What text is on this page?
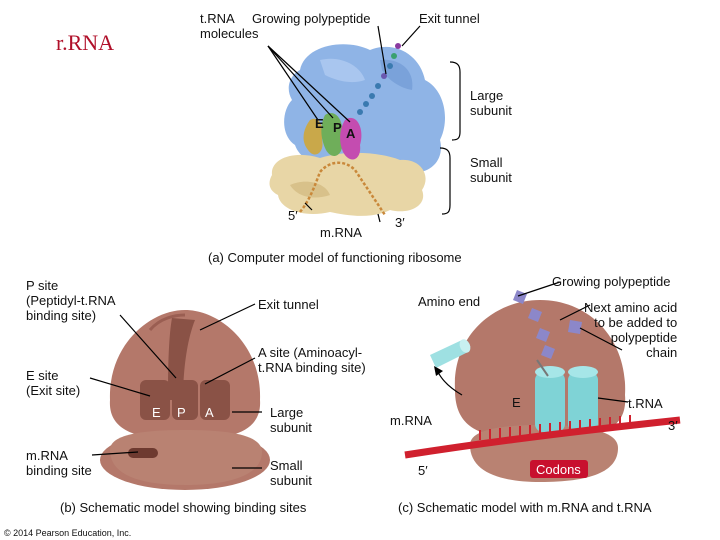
r.RNA
t.RNA
molecules
Growing polypeptide	Exit tunnel
Large
subunit
Small
subunit
E P A
5′
m.RNA
3′
(a) Computer model of functioning ribosome
P site
(Peptidyl-t.RNA
binding site)
Exit tunnel
A site (Aminoacyl-
t.RNA binding site)
E site
(Exit site)
E P A	Large
subunit
m.RNA
binding site	Small
subunit
(b) Schematic model showing binding sites
Growing polypeptide
Amino end	Next amino acid
to be added to
polypeptide
chain
E	t.RNA
3′
m.RNA
5′	Codons
(c) Schematic model with m.RNA and t.RNA
© 2014 Pearson Education, Inc.
